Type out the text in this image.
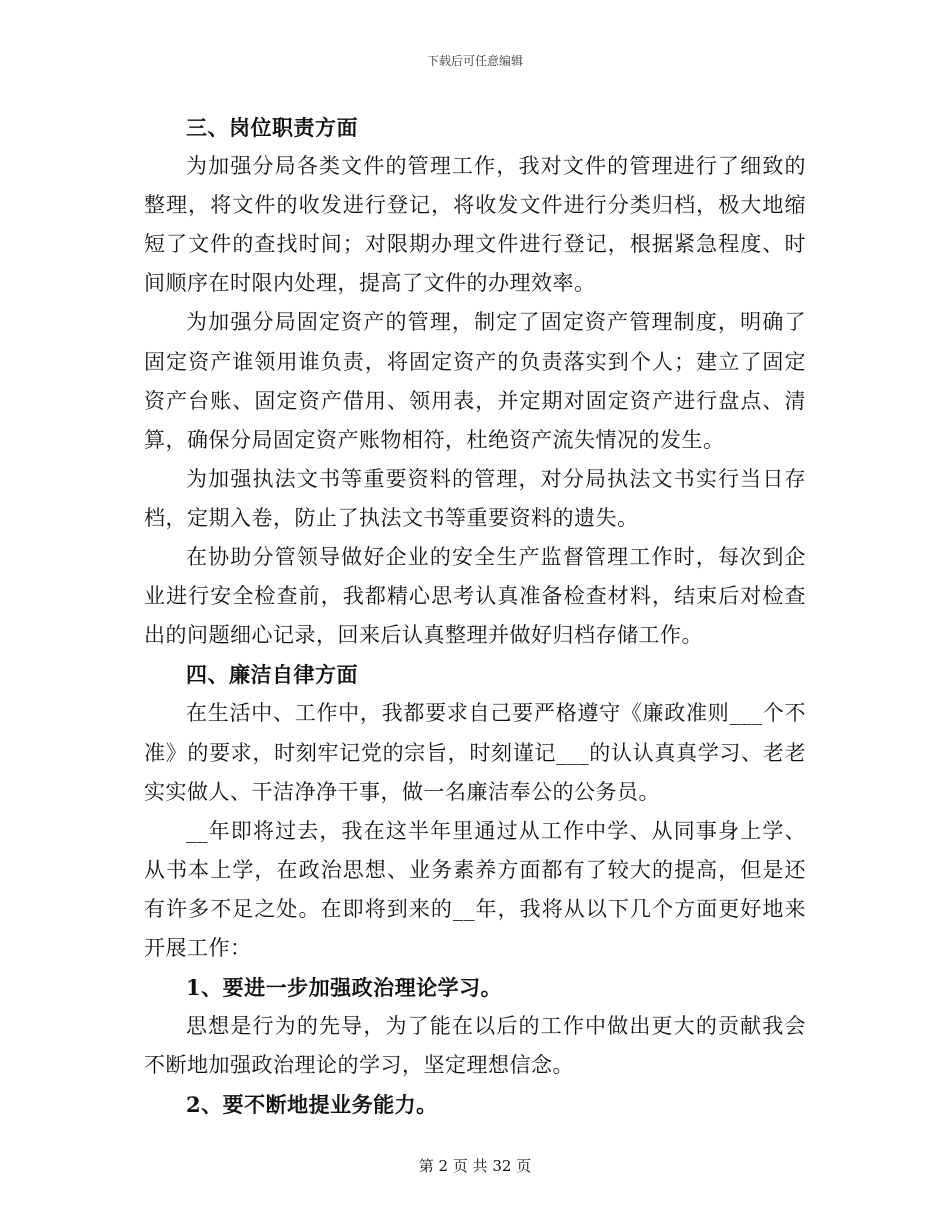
下载后可任意编辑

三、岗位职责方面

为加强分局各类文件的管理工作，我对文件的管理进行了细致的整理，将文件的收发进行登记，将收发文件进行分类归档，极大地缩短了文件的查找时间；对限期办理文件进行登记，根据紧急程度、时间顺序在时限内处理，提高了文件的办理效率。

为加强分局固定资产的管理，制定了固定资产管理制度，明确了固定资产谁领用谁负责，将固定资产的负责落实到个人；建立了固定资产台账、固定资产借用、领用表，并定期对固定资产进行盘点、清算，确保分局固定资产账物相符，杜绝资产流失情况的发生。

为加强执法文书等重要资料的管理，对分局执法文书实行当日存档，定期入卷，防止了执法文书等重要资料的遗失。

在协助分管领导做好企业的安全生产监督管理工作时，每次到企业进行安全检查前，我都精心思考认真准备检查材料，结束后对检查出的问题细心记录，回来后认真整理并做好归档存储工作。

四、廉洁自律方面

在生活中、工作中，我都要求自己要严格遵守《廉政准则___个不准》的要求，时刻牢记党的宗旨，时刻谨记___的认认真真学习、老老实实做人、干洁净净干事，做一名廉洁奉公的公务员。

__年即将过去，我在这半年里通过从工作中学、从同事身上学、从书本上学，在政治思想、业务素养方面都有了较大的提高，但是还有许多不足之处。在即将到来的__年，我将从以下几个方面更好地来开展工作：

1、要进一步加强政治理论学习。

思想是行为的先导，为了能在以后的工作中做出更大的贡献我会不断地加强政治理论的学习，坚定理想信念。

2、要不断地提业务能力。

第 2 页 共 32 页
